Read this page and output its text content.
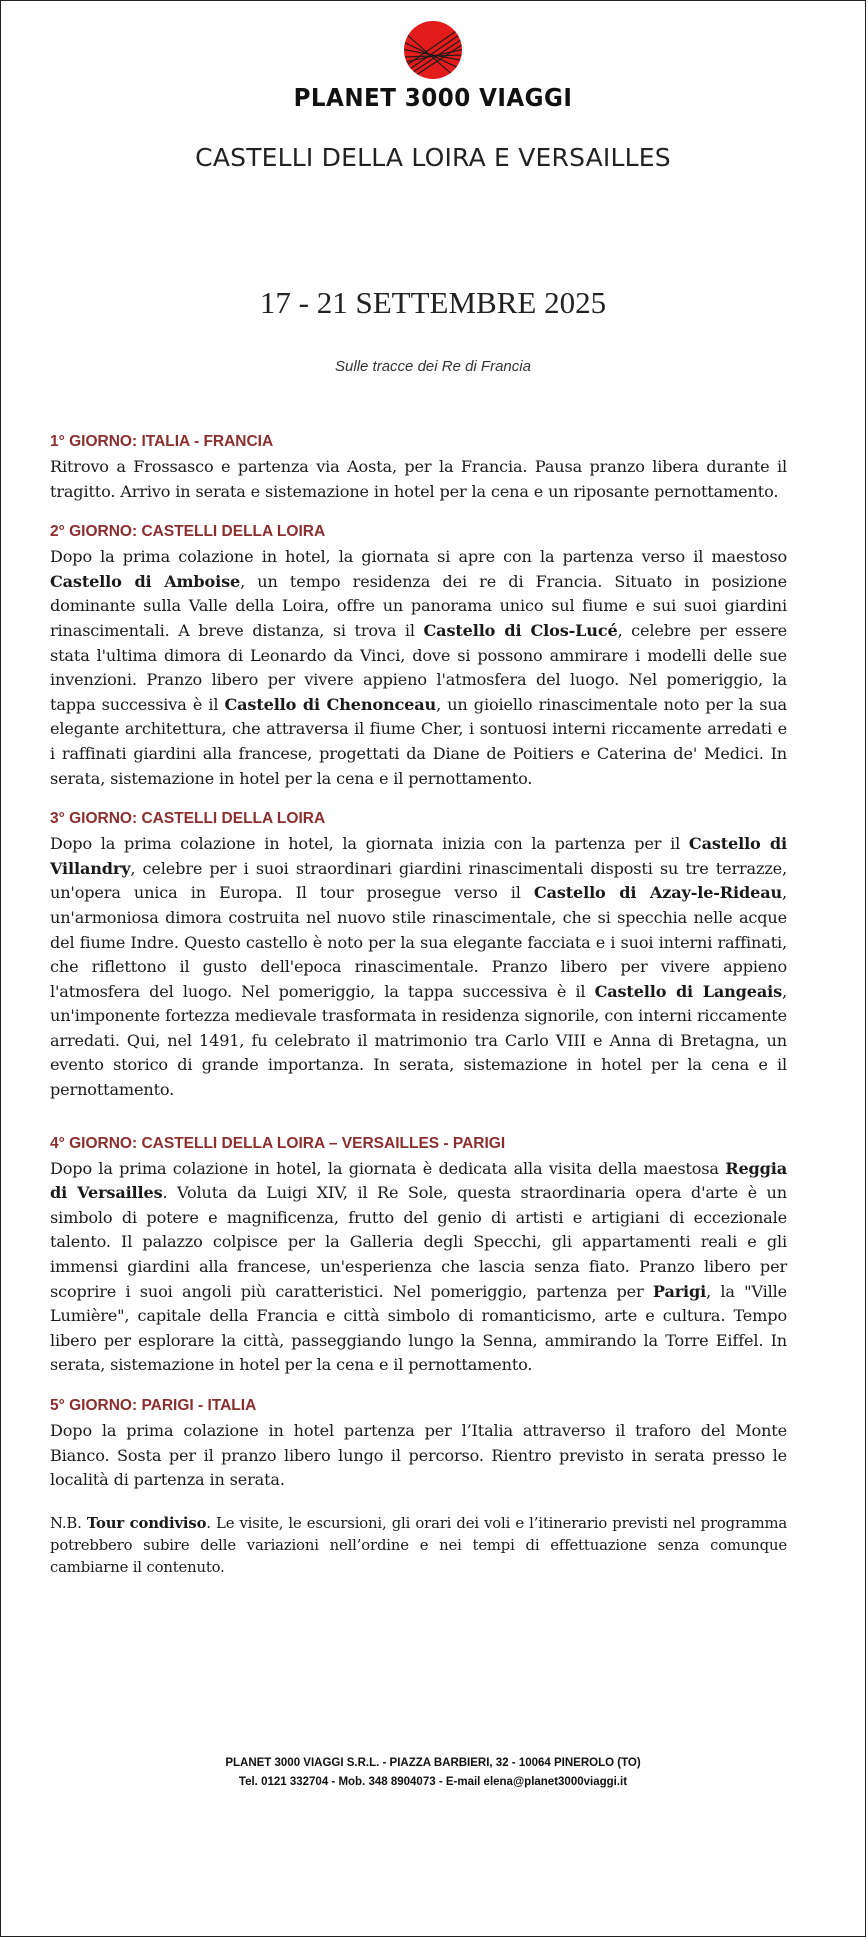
PLANET 3000 VIAGGI
CASTELLI DELLA LOIRA E VERSAILLES
17 - 21 SETTEMBRE 2025
Sulle tracce dei Re di Francia
1° GIORNO: ITALIA - FRANCIA

Ritrovo a Frossasco e partenza via Aosta, per la Francia. Pausa pranzo libera durante il tragitto. Arrivo in serata e sistemazione in hotel per la cena e un riposante pernottamento.

2° GIORNO: CASTELLI DELLA LOIRA

Dopo la prima colazione in hotel, la giornata si apre con la partenza verso il maestoso Castello di Amboise, un tempo residenza dei re di Francia. Situato in posizione dominante sulla Valle della Loira, offre un panorama unico sul fiume e sui suoi giardini rinascimentali. A breve distanza, si trova il Castello di Clos-Lucé, celebre per essere stata l'ultima dimora di Leonardo da Vinci, dove si possono ammirare i modelli delle sue invenzioni. Pranzo libero per vivere appieno l'atmosfera del luogo. Nel pomeriggio, la tappa successiva è il Castello di Chenonceau, un gioiello rinascimentale noto per la sua elegante architettura, che attraversa il fiume Cher, i sontuosi interni riccamente arredati e i raffinati giardini alla francese, progettati da Diane de Poitiers e Caterina de' Medici. In serata, sistemazione in hotel per la cena e il pernottamento.

3° GIORNO: CASTELLI DELLA LOIRA

Dopo la prima colazione in hotel, la giornata inizia con la partenza per il Castello di Villandry, celebre per i suoi straordinari giardini rinascimentali disposti su tre terrazze, un'opera unica in Europa. Il tour prosegue verso il Castello di Azay-le-Rideau, un'armoniosa dimora costruita nel nuovo stile rinascimentale, che si specchia nelle acque del fiume Indre. Questo castello è noto per la sua elegante facciata e i suoi interni raffinati, che riflettono il gusto dell'epoca rinascimentale. Pranzo libero per vivere appieno l'atmosfera del luogo. Nel pomeriggio, la tappa successiva è il Castello di Langeais, un'imponente fortezza medievale trasformata in residenza signorile, con interni riccamente arredati. Qui, nel 1491, fu celebrato il matrimonio tra Carlo VIII e Anna di Bretagna, un evento storico di grande importanza. In serata, sistemazione in hotel per la cena e il pernottamento.

4° GIORNO: CASTELLI DELLA LOIRA – VERSAILLES - PARIGI

Dopo la prima colazione in hotel, la giornata è dedicata alla visita della maestosa Reggia di Versailles. Voluta da Luigi XIV, il Re Sole, questa straordinaria opera d'arte è un simbolo di potere e magnificenza, frutto del genio di artisti e artigiani di eccezionale talento. Il palazzo colpisce per la Galleria degli Specchi, gli appartamenti reali e gli immensi giardini alla francese, un'esperienza che lascia senza fiato. Pranzo libero per scoprire i suoi angoli più caratteristici. Nel pomeriggio, partenza per Parigi, la "Ville Lumière", capitale della Francia e città simbolo di romanticismo, arte e cultura. Tempo libero per esplorare la città, passeggiando lungo la Senna, ammirando la Torre Eiffel. In serata, sistemazione in hotel per la cena e il pernottamento.

5° GIORNO: PARIGI - ITALIA

Dopo la prima colazione in hotel partenza per l’Italia attraverso il traforo del Monte Bianco. Sosta per il pranzo libero lungo il percorso. Rientro previsto in serata presso le località di partenza in serata.

N.B. Tour condiviso. Le visite, le escursioni, gli orari dei voli e l’itinerario previsti nel programma potrebbero subire delle variazioni nell’ordine e nei tempi di effettuazione senza comunque cambiarne il contenuto.

PLANET 3000 VIAGGI S.R.L. - PIAZZA BARBIERI, 32 - 10064 PINEROLO (TO)
Tel. 0121 332704 - Mob. 348 8904073 - E-mail elena@planet3000viaggi.it
